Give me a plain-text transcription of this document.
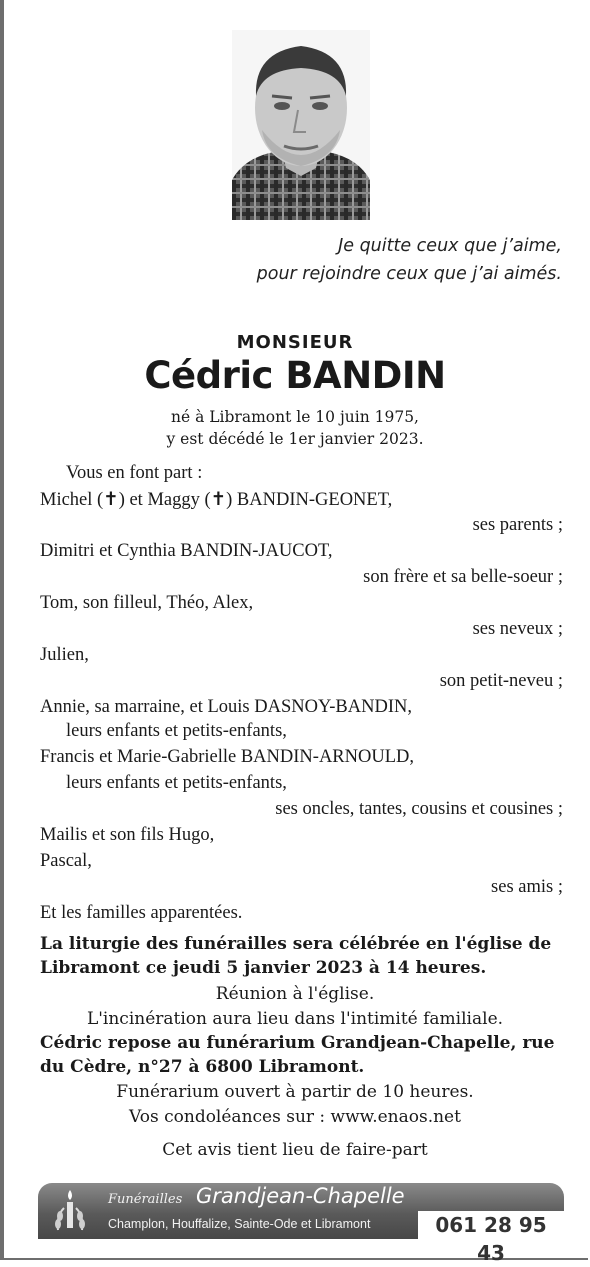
Je quitte ceux que j’aime,
pour rejoindre ceux que j’ai aimés.
MONSIEUR
Cédric BANDIN
né à Libramont le 10 juin 1975,
y est décédé le 1er janvier 2023.
Vous en font part :
Michel (✝) et Maggy (✝) BANDIN-GEONET,
ses parents ;
Dimitri et Cynthia BANDIN-JAUCOT,
son frère et sa belle-soeur ;
Tom, son filleul, Théo, Alex,
ses neveux ;
Julien,
son petit-neveu ;
Annie, sa marraine, et Louis DASNOY-BANDIN,
leurs enfants et petits-enfants,
Francis et Marie-Gabrielle BANDIN-ARNOULD,
leurs enfants et petits-enfants,
ses oncles, tantes, cousins et cousines ;
Mailis et son fils Hugo,
Pascal,
ses amis ;
Et les familles apparentées.
La liturgie des funérailles sera célébrée en l'église de
Libramont ce jeudi 5 janvier 2023 à 14 heures.
Réunion à l'église.
L'incinération aura lieu dans l'intimité familiale.
Cédric repose au funérarium Grandjean-Chapelle, rue
du Cèdre, n°27 à 6800 Libramont.
Funérarium ouvert à partir de 10 heures.
Vos condoléances sur : www.enaos.net
Cet avis tient lieu de faire-part
Funérailles Grandjean-Chapelle
Champlon, Houffalize, Sainte-Ode et Libramont	061 28 95 43
